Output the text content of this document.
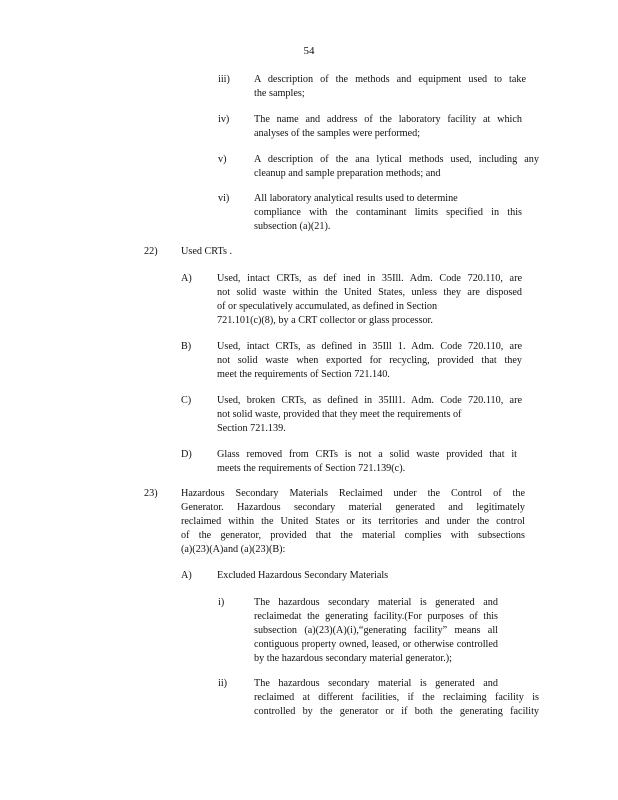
54
iii) A description of the methods and equipment used to take
the samples;
iv) The name and address of the laboratory facility at which
analyses of the samples were performed;
v)	A description of the ana lytical methods used, including any
cleanup and sample preparation methods; and
vi) All laboratory analytical results used to determine
compliance with the contaminant limits specified in this
subsection (a)(21).
22) Used CRTs .
A) Used, intact CRTs, as def ined in 35Ill. Adm. Code 720.110, are
not solid waste within the United States, unless they are disposed
of or speculatively accumulated, as defined in Section
721.101(c)(8), by a CRT collector or glass processor.
B)	Used, intact CRTs, as defined in 35Ill 1. Adm. Code 720.110, are
not solid waste when exported for recycling, provided that they
meet the requirements of Section 721.140.
C)	Used, broken CRTs, as defined in 35Ill1. Adm. Code 720.110, are
not solid waste, provided that they meet the requirements of
Section 721.139.
D) Glass removed from CRTs is not a solid waste provided that it
meets the requirements of Section 721.139(c).
23) Hazardous Secondary Materials Reclaimed under the Control of the
Generator. Hazardous secondary material generated and legitimately
reclaimed within the United States or its territories and under the control
of the generator, provided that the material complies with subsections
(a)(23)(A)and (a)(23)(B):
A) Excluded Hazardous Secondary Materials
i)	The hazardous secondary material is generated and
reclaimedat the generating facility.(For purposes of this
subsection (a)(23)(A)(i),“generating facility” means all
contiguous property owned, leased, or otherwise controlled
by the hazardous secondary material generator.);
ii)	The hazardous secondary material is generated and
reclaimed at different facilities, if the reclaiming facility is
controlled by the generator or if both the generating facility
